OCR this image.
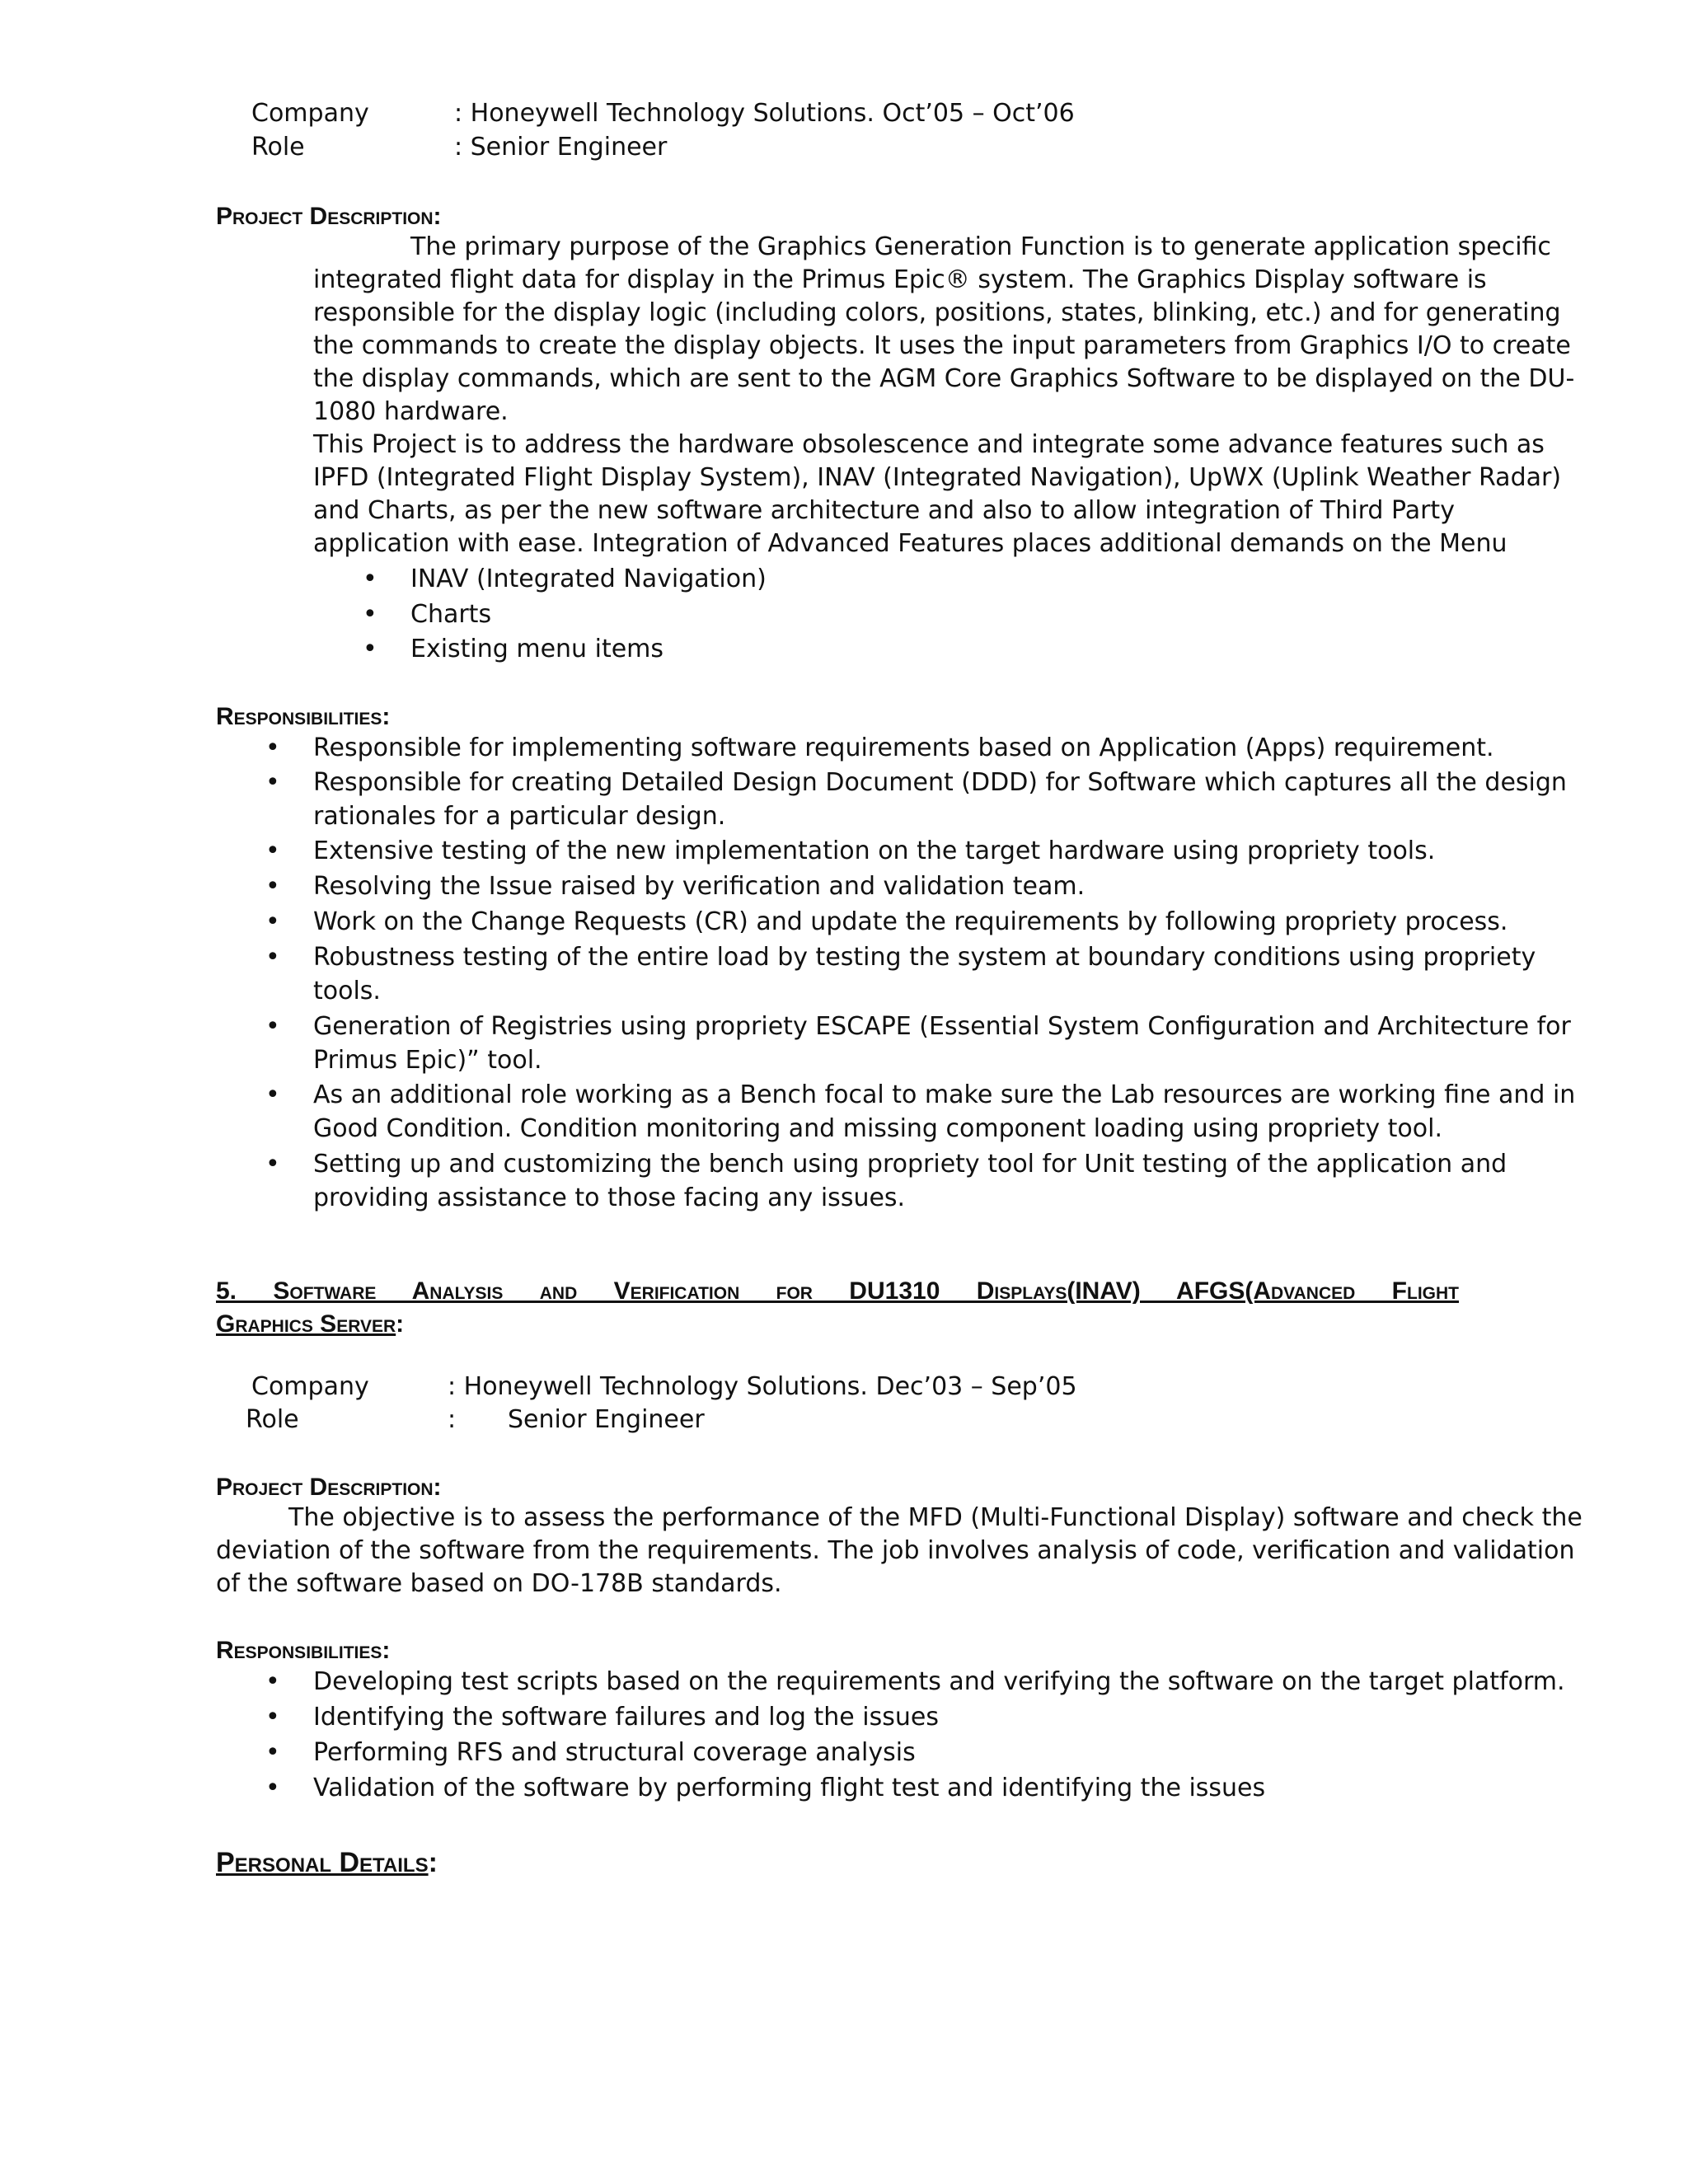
Company	: Honeywell Technology Solutions. Oct’05 – Oct’06
Role	: Senior Engineer
Project Description:
The primary purpose of the Graphics Generation Function is to generate application specific
integrated flight data for display in the Primus Epic® system. The Graphics Display software is
responsible for the display logic (including colors, positions, states, blinking, etc.) and for generating
the commands to create the display objects. It uses the input parameters from Graphics I/O to create
the display commands, which are sent to the AGM Core Graphics Software to be displayed on the DU-
1080 hardware.
This Project is to address the hardware obsolescence and integrate some advance features such as
IPFD (Integrated Flight Display System), INAV (Integrated Navigation), UpWX (Uplink Weather Radar)
and Charts, as per the new software architecture and also to allow integration of Third Party
application with ease. Integration of Advanced Features places additional demands on the Menu
• INAV (Integrated Navigation)
• Charts
• Existing menu items
Responsibilities:
• Responsible for implementing software requirements based on Application (Apps) requirement.
• Responsible for creating Detailed Design Document (DDD) for Software which captures all the design
rationales for a particular design.
• Extensive testing of the new implementation on the target hardware using propriety tools.
• Resolving the Issue raised by verification and validation team.
• Work on the Change Requests (CR) and update the requirements by following propriety process.
• Robustness testing of the entire load by testing the system at boundary conditions using propriety
tools.
• Generation of Registries using propriety ESCAPE (Essential System Configuration and Architecture for
Primus Epic)” tool.
• As an additional role working as a Bench focal to make sure the Lab resources are working fine and in
Good Condition. Condition monitoring and missing component loading using propriety tool.
• Setting up and customizing the bench using propriety tool for Unit testing of the application and
providing assistance to those facing any issues.
5. Software Analysis and Verification for DU1310 Displays(INAV) AFGS(Advanced Flight
Graphics Server:
Company	: Honeywell Technology Solutions. Dec’03 – Sep’05
Role	: Senior Engineer
Project Description:
The objective is to assess the performance of the MFD (Multi-Functional Display) software and check the
deviation of the software from the requirements. The job involves analysis of code, verification and validation
of the software based on DO-178B standards.
Responsibilities:
• Developing test scripts based on the requirements and verifying the software on the target platform.
• Identifying the software failures and log the issues
• Performing RFS and structural coverage analysis
• Validation of the software by performing flight test and identifying the issues
Personal Details:
